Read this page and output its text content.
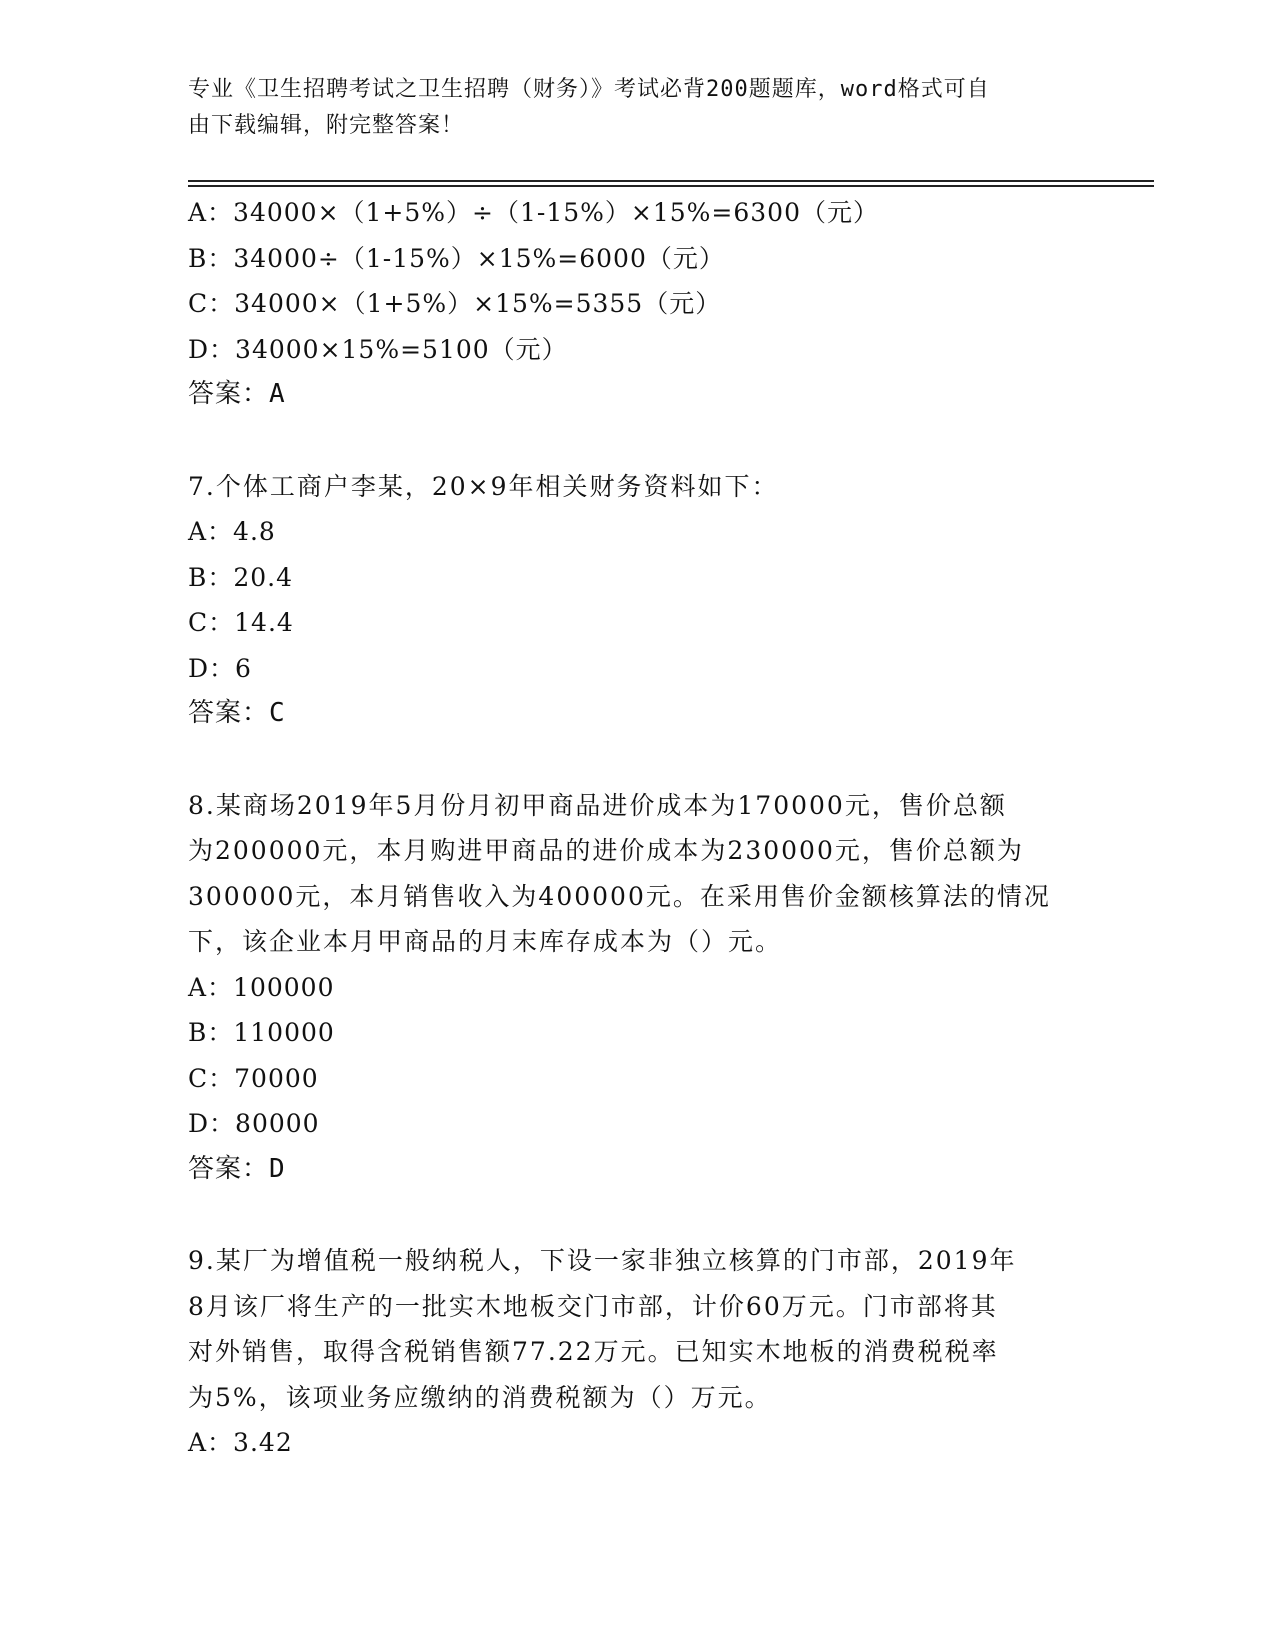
专业《卫生招聘考试之卫生招聘（财务）》考试必背200题题库，word格式可自
由下载编辑，附完整答案！
A：34000×（1+5%）÷（1-15%）×15%=6300（元）
B：34000÷（1-15%）×15%=6000（元）
C：34000×（1+5%）×15%=5355（元）
D：34000×15%=5100（元）
答案：A
7.个体工商户李某，20×9年相关财务资料如下：
A：4.8
B：20.4
C：14.4
D：6
答案：C
8.某商场2019年5月份月初甲商品进价成本为170000元，售价总额
为200000元，本月购进甲商品的进价成本为230000元，售价总额为
300000元，本月销售收入为400000元。在采用售价金额核算法的情况
下，该企业本月甲商品的月末库存成本为（）元。
A：100000
B：110000
C：70000
D：80000
答案：D
9.某厂为增值税一般纳税人，下设一家非独立核算的门市部，2019年
8月该厂将生产的一批实木地板交门市部，计价60万元。门市部将其
对外销售，取得含税销售额77.22万元。已知实木地板的消费税税率
为5%，该项业务应缴纳的消费税额为（）万元。
A：3.42
